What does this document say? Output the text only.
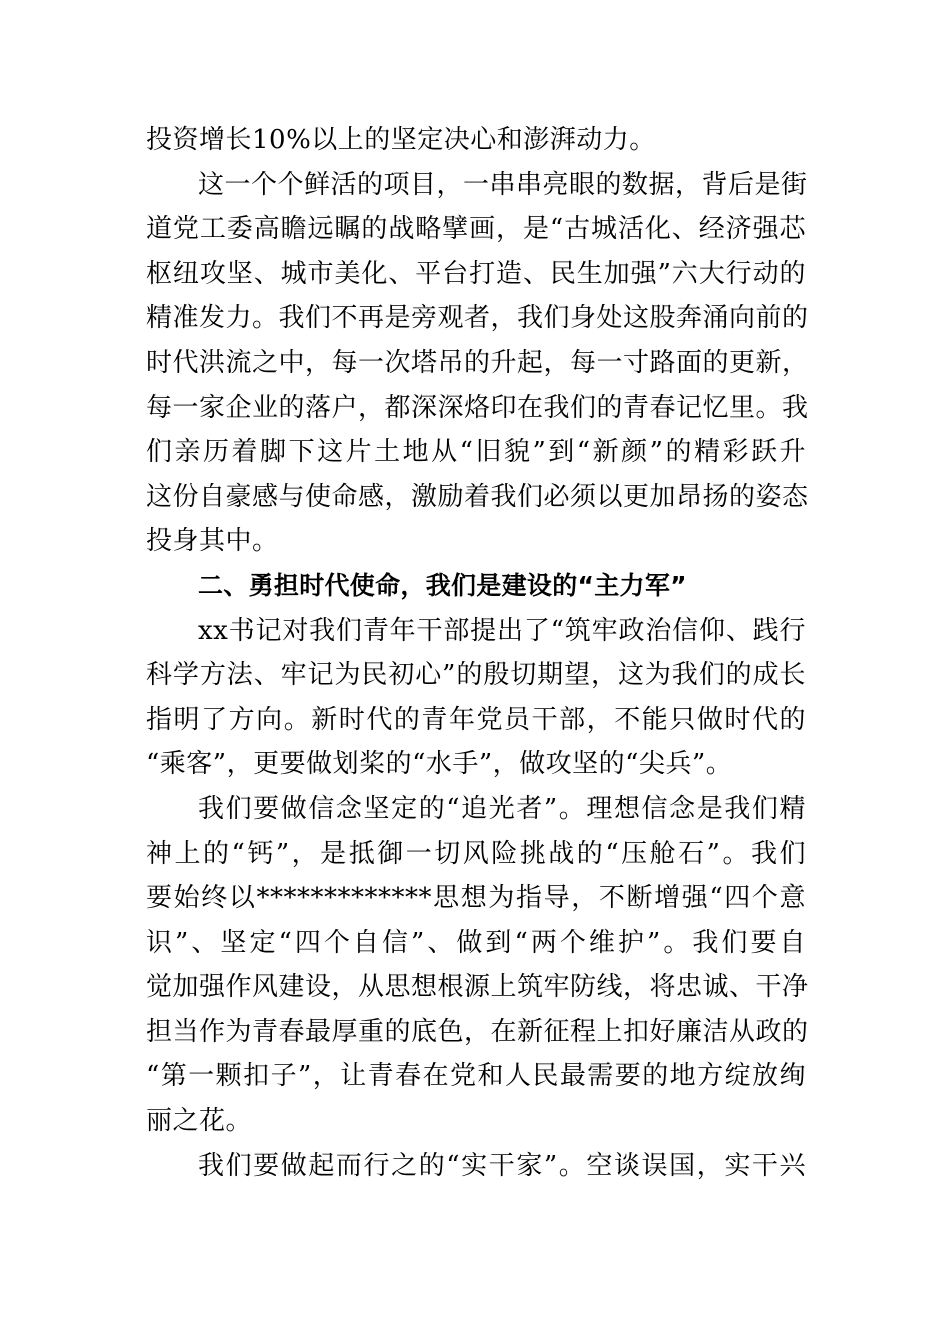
投资增长10%以上的坚定决心和澎湃动力。
这一个个鲜活的项目，一串串亮眼的数据，背后是街
道党工委高瞻远瞩的战略擘画，是“古城活化、经济强芯
枢纽攻坚、城市美化、平台打造、民生加强”六大行动的
精准发力。我们不再是旁观者，我们身处这股奔涌向前的
时代洪流之中，每一次塔吊的升起，每一寸路面的更新，
每一家企业的落户，都深深烙印在我们的青春记忆里。我
们亲历着脚下这片土地从“旧貌”到“新颜”的精彩跃升
这份自豪感与使命感，激励着我们必须以更加昂扬的姿态
投身其中。
二、勇担时代使命，我们是建设的“主力军”
xx书记对我们青年干部提出了“筑牢政治信仰、践行
科学方法、牢记为民初心”的殷切期望，这为我们的成长
指明了方向。新时代的青年党员干部，不能只做时代的
“乘客”，更要做划桨的“水手”，做攻坚的“尖兵”。
我们要做信念坚定的“追光者”。理想信念是我们精
神上的“钙”，是抵御一切风险挑战的“压舱石”。我们
要始终以*************思想为指导，不断增强“四个意
识”、坚定“四个自信”、做到“两个维护”。我们要自
觉加强作风建设，从思想根源上筑牢防线，将忠诚、干净
担当作为青春最厚重的底色，在新征程上扣好廉洁从政的
“第一颗扣子”，让青春在党和人民最需要的地方绽放绚
丽之花。
我们要做起而行之的“实干家”。空谈误国，实干兴
